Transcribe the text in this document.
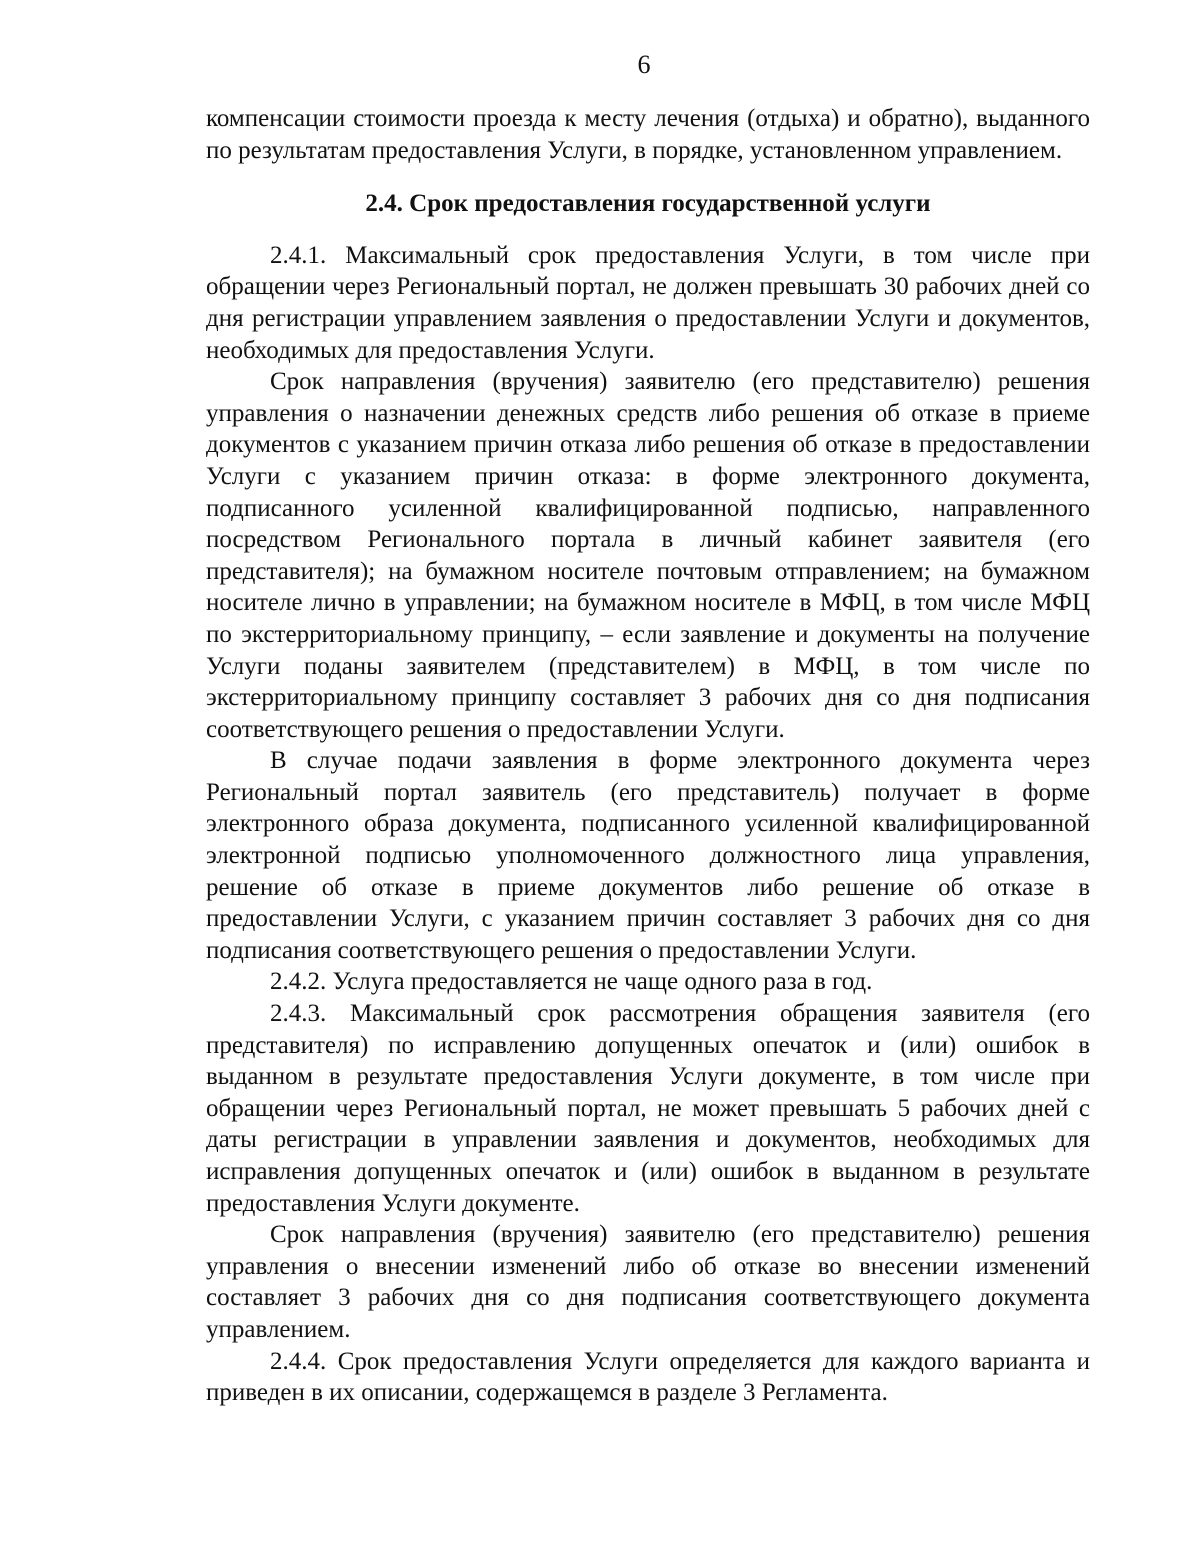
6

компенсации стоимости проезда к месту лечения (отдыха) и обратно), выданного по результатам предоставления Услуги, в порядке, установленном управлением.

2.4. Срок предоставления государственной услуги

2.4.1. Максимальный срок предоставления Услуги, в том числе при обращении через Региональный портал, не должен превышать 30 рабочих дней со дня регистрации управлением заявления о предоставлении Услуги и документов, необходимых для предоставления Услуги.

Срок направления (вручения) заявителю (его представителю) решения управления о назначении денежных средств либо решения об отказе в приеме документов с указанием причин отказа либо решения об отказе в предоставлении Услуги с указанием причин отказа: в форме электронного документа, подписанного усиленной квалифицированной подписью, направленного посредством Регионального портала в личный кабинет заявителя (его представителя); на бумажном носителе почтовым отправлением; на бумажном носителе лично в управлении; на бумажном носителе в МФЦ, в том числе МФЦ по экстерриториальному принципу, – если заявление и документы на получение Услуги поданы заявителем (представителем) в МФЦ, в том числе по экстерриториальному принципу составляет 3 рабочих дня со дня подписания соответствующего решения о предоставлении Услуги.

В случае подачи заявления в форме электронного документа через Региональный портал заявитель (его представитель) получает в форме электронного образа документа, подписанного усиленной квалифицированной электронной подписью уполномоченного должностного лица управления, решение об отказе в приеме документов либо решение об отказе в предоставлении Услуги, с указанием причин составляет 3 рабочих дня со дня подписания соответствующего решения о предоставлении Услуги.

2.4.2. Услуга предоставляется не чаще одного раза в год.

2.4.3. Максимальный срок рассмотрения обращения заявителя (его представителя) по исправлению допущенных опечаток и (или) ошибок в выданном в результате предоставления Услуги документе, в том числе при обращении через Региональный портал, не может превышать 5 рабочих дней с даты регистрации в управлении заявления и документов, необходимых для исправления допущенных опечаток и (или) ошибок в выданном в результате предоставления Услуги документе.

Срок направления (вручения) заявителю (его представителю) решения управления о внесении изменений либо об отказе во внесении изменений составляет 3 рабочих дня со дня подписания соответствующего документа управлением.

2.4.4. Срок предоставления Услуги определяется для каждого варианта и приведен в их описании, содержащемся в разделе 3 Регламента.
